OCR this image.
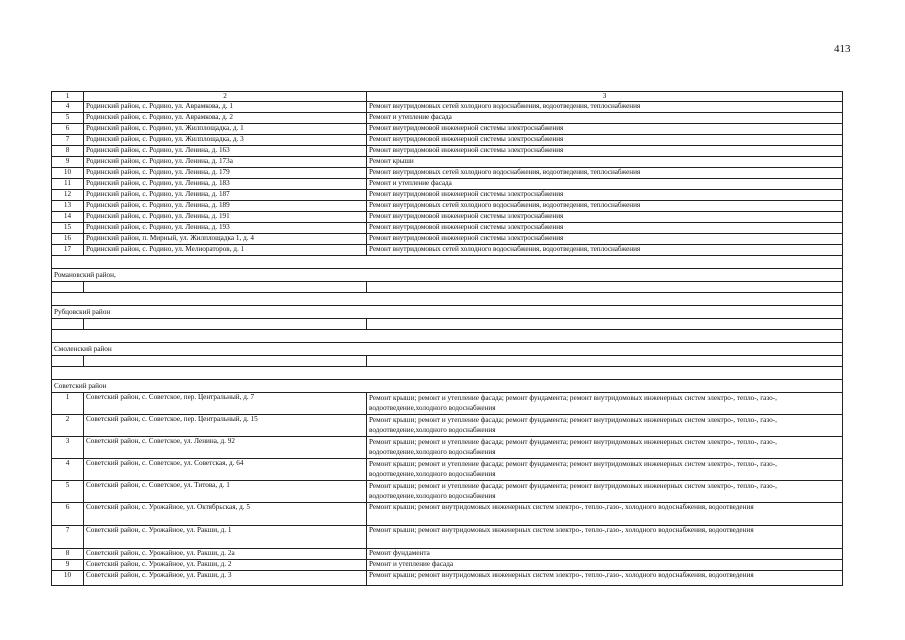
413
1	2	3
4	Родинский район, с. Родино, ул. Аврамкова, д. 1	Ремонт внутридомовых сетей холодного водоснабжения, водоотведения, теплоснабжения
5	Родинский район, с. Родино, ул. Аврамкова, д. 2	Ремонт и утепление фасада
6	Родинский район, с. Родино, ул. Жилплощадка, д. 1	Ремонт внутридомовой инженерной системы электроснабжения
7	Родинский район, с. Родино, ул. Жилплощадка, д. 3	Ремонт внутридомовой инженерной системы электроснабжения
8	Родинский район, с. Родино, ул. Ленина, д. 163	Ремонт внутридомовой инженерной системы электроснабжения
9	Родинский район, с. Родино, ул. Ленина, д. 173а	Ремонт крыши
10	Родинский район, с. Родино, ул. Ленина, д. 179	Ремонт внутридомовых сетей холодного водоснабжения, водоотведения, теплоснабжения
11	Родинский район, с. Родино, ул. Ленина, д. 183	Ремонт и утепление фасада
12	Родинский район, с. Родино, ул. Ленина, д. 187	Ремонт внутридомовой инженерной системы электроснабжения
13	Родинский район, с. Родино, ул. Ленина, д. 189	Ремонт внутридомовых сетей холодного водоснабжения, водоотведения, теплоснабжения
14	Родинский район, с. Родино, ул. Ленина, д. 191	Ремонт внутридомовой инженерной системы электроснабжения
15	Родинский район, с. Родино, ул. Ленина, д. 193	Ремонт внутридомовой инженерной системы электроснабжения
16	Родинский район, п. Мирный, ул. Жилплощадка 1, д. 4	Ремонт внутридомовой инженерной системы электроснабжения
17	Родинский район, с. Родино, ул. Мелиораторов, д. 1	Ремонт внутридомовых сетей холодного водоснабжения, водоотведения, теплоснабжения

Романовский район,		

Рубцовский район		

Смоленский район		

Советский район		
1	Советский район, с. Советское, пер. Центральный, д. 7	Ремонт крыши; ремонт и утепление фасада; ремонт фундамента; ремонт внутридомовых инженерных систем электро-, тепло-, газо-, водоотведение,холодного водоснабжения
2	Советский район, с. Советское, пер. Центральный, д. 15	Ремонт крыши; ремонт и утепление фасада; ремонт фундамента; ремонт внутридомовых инженерных систем электро-, тепло-, газо-, водоотведение,холодного водоснабжения
3	Советский район, с. Советское, ул. Ленина, д. 92	Ремонт крыши; ремонт и утепление фасада; ремонт фундамента; ремонт внутридомовых инженерных систем электро-, тепло-, газо-, водоотведение,холодного водоснабжения
4	Советский район, с. Советское, ул. Советская, д. 64	Ремонт крыши; ремонт и утепление фасада; ремонт фундамента; ремонт внутридомовых инженерных систем электро-, тепло-, газо-, водоотведение,холодного водоснабжения
5	Советский район, с. Советское, ул. Титова, д. 1	Ремонт крыши; ремонт и утепление фасада; ремонт фундамента; ремонт внутридомовых инженерных систем электро-, тепло-, газо-, водоотведение,холодного водоснабжения
6	Советский район, с. Урожайное, ул. Октябрьская, д. 5	Ремонт крыши; ремонт внутридомовых инженерных систем электро-, тепло-,газо-, холодного водоснабжения, водоотведения
7	Советский район, с. Урожайное, ул. Ракши, д. 1	Ремонт крыши; ремонт внутридомовых инженерных систем электро-, тепло-,газо-, холодного водоснабжения, водоотведения
8	Советский район, с. Урожайное, ул. Ракши, д. 2а	Ремонт фундамента
9	Советский район, с. Урожайное, ул. Ракши, д. 2	Ремонт и утепление фасада
10	Советский район, с. Урожайное, ул. Ракши, д. 3	Ремонт крыши; ремонт внутридомовых инженерных систем электро-, тепло-,газо-, холодного водоснабжения, водоотведения
